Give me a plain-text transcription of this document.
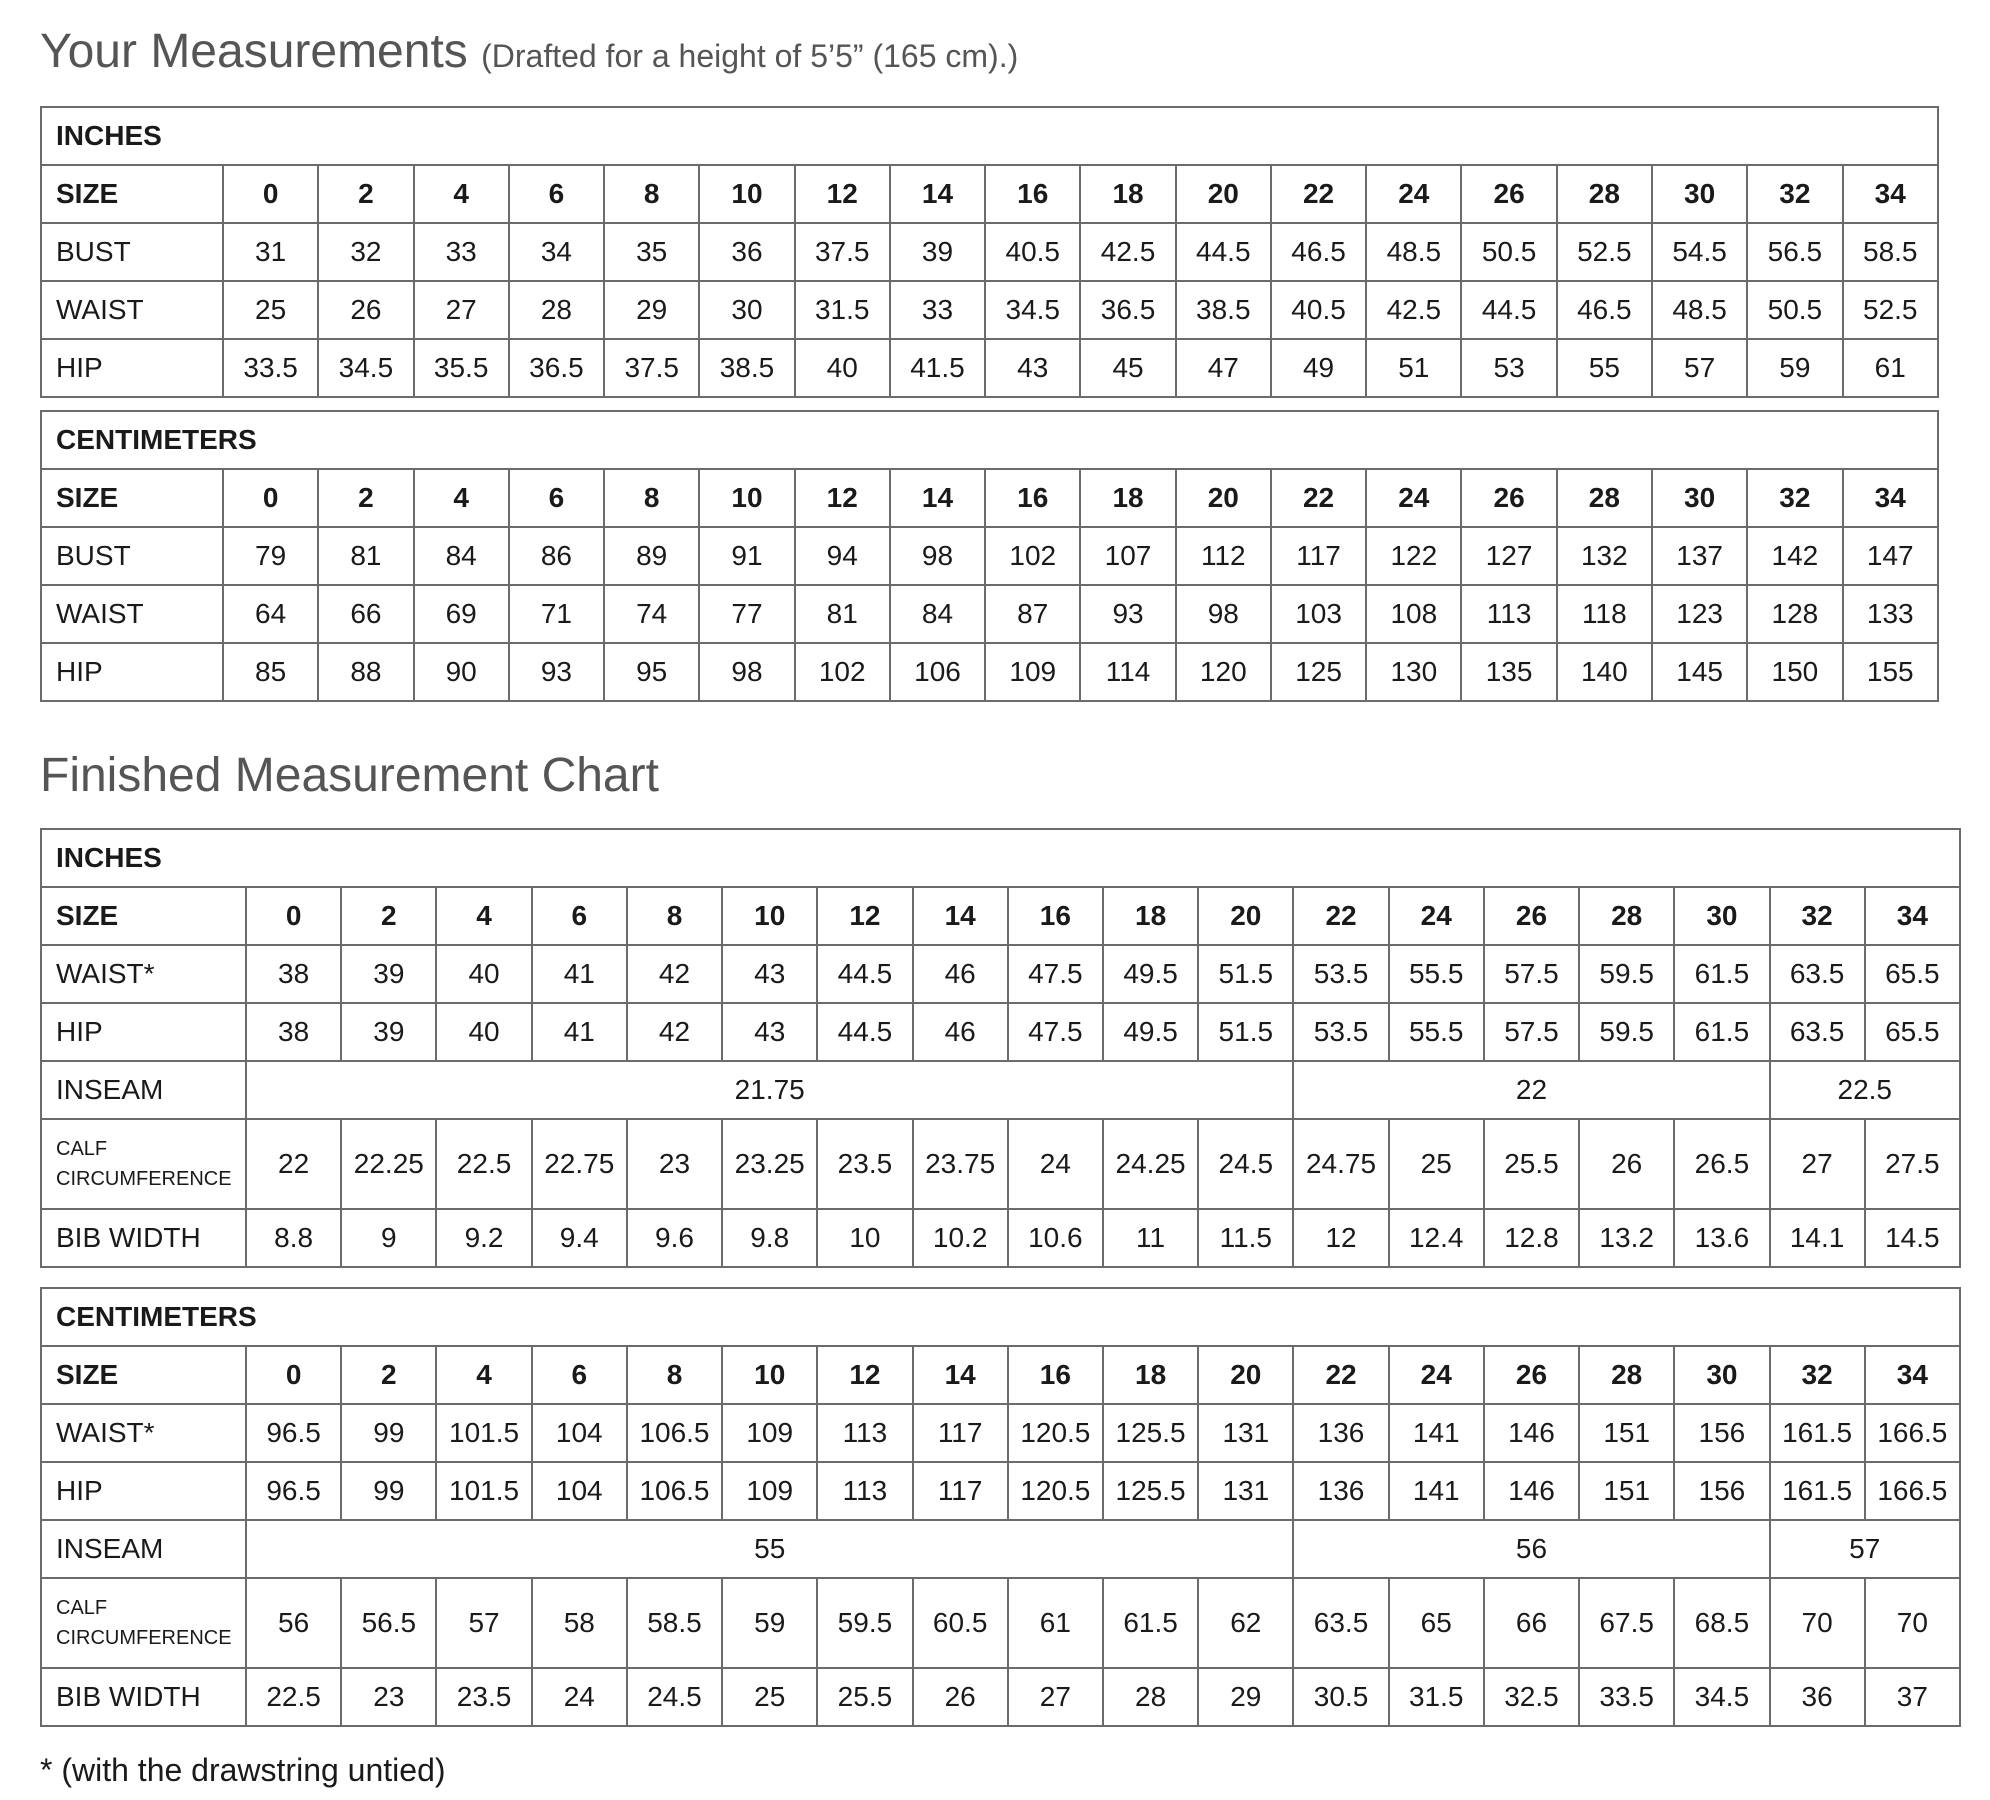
Your Measurements (Drafted for a height of 5’5” (165 cm).)
INCHES																		
SIZE	0	2	4	6	8	10	12	14	16	18	20	22	24	26	28	30	32	34
BUST	31	32	33	34	35	36	37.5	39	40.5	42.5	44.5	46.5	48.5	50.5	52.5	54.5	56.5	58.5
WAIST	25	26	27	28	29	30	31.5	33	34.5	36.5	38.5	40.5	42.5	44.5	46.5	48.5	50.5	52.5
HIP	33.5	34.5	35.5	36.5	37.5	38.5	40	41.5	43	45	47	49	51	53	55	57	59	61
CENTIMETERS																		
SIZE	0	2	4	6	8	10	12	14	16	18	20	22	24	26	28	30	32	34
BUST	79	81	84	86	89	91	94	98	102	107	112	117	122	127	132	137	142	147
WAIST	64	66	69	71	74	77	81	84	87	93	98	103	108	113	118	123	128	133
HIP	85	88	90	93	95	98	102	106	109	114	120	125	130	135	140	145	150	155
Finished Measurement Chart
INCHES																		
SIZE	0	2	4	6	8	10	12	14	16	18	20	22	24	26	28	30	32	34
WAIST*	38	39	40	41	42	43	44.5	46	47.5	49.5	51.5	53.5	55.5	57.5	59.5	61.5	63.5	65.5
HIP	38	39	40	41	42	43	44.5	46	47.5	49.5	51.5	53.5	55.5	57.5	59.5	61.5	63.5	65.5
INSEAM	21.75											22					22.5	
CALF CIRCUMFERENCE	22	22.25	22.5	22.75	23	23.25	23.5	23.75	24	24.25	24.5	24.75	25	25.5	26	26.5	27	27.5
BIB WIDTH	8.8	9	9.2	9.4	9.6	9.8	10	10.2	10.6	11	11.5	12	12.4	12.8	13.2	13.6	14.1	14.5
CENTIMETERS																		
SIZE	0	2	4	6	8	10	12	14	16	18	20	22	24	26	28	30	32	34
WAIST*	96.5	99	101.5	104	106.5	109	113	117	120.5	125.5	131	136	141	146	151	156	161.5	166.5
HIP	96.5	99	101.5	104	106.5	109	113	117	120.5	125.5	131	136	141	146	151	156	161.5	166.5
INSEAM	55											56					57	
CALF CIRCUMFERENCE	56	56.5	57	58	58.5	59	59.5	60.5	61	61.5	62	63.5	65	66	67.5	68.5	70	70
BIB WIDTH	22.5	23	23.5	24	24.5	25	25.5	26	27	28	29	30.5	31.5	32.5	33.5	34.5	36	37

* (with the drawstring untied)
